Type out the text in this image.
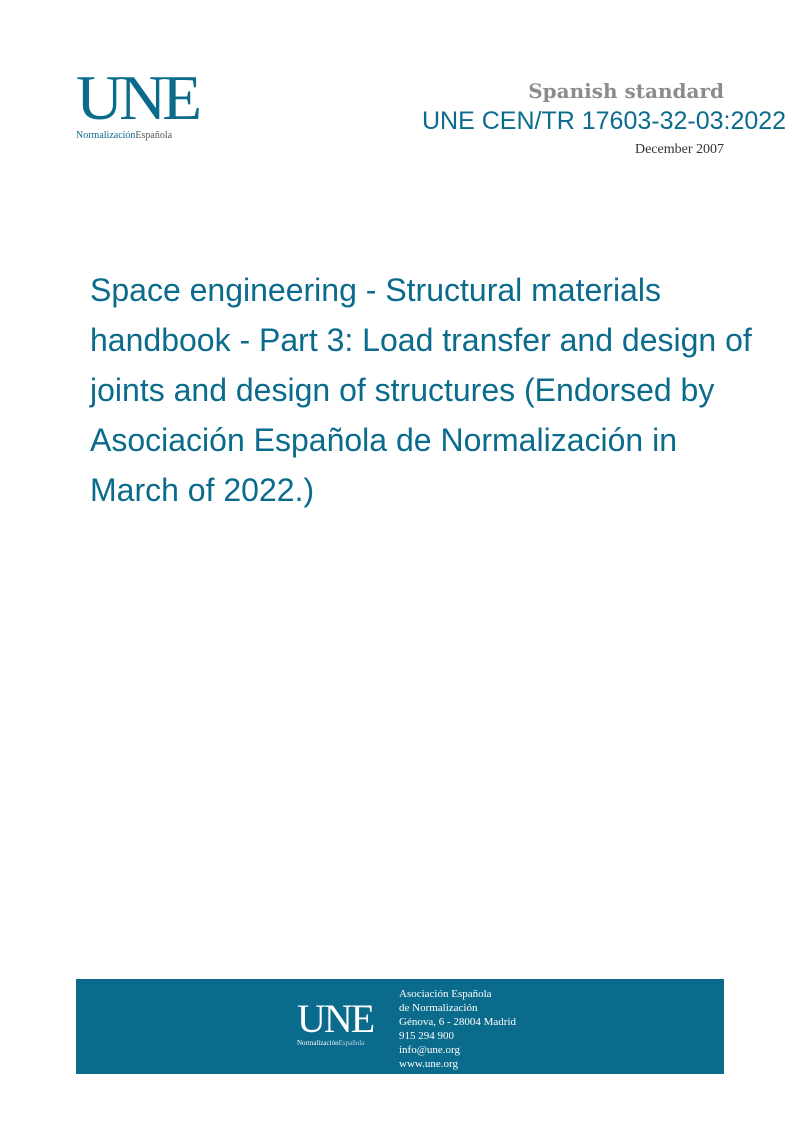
UNE
NormalizaciónEspañola
Spanish standard
UNE CEN/TR 17603-32-03:2022
December 2007
Space engineering - Structural materials handbook - Part 3: Load transfer and design of joints and design of structures (Endorsed by Asociación Española de Normalización in March of 2022.)
UNE
NormalizaciónEspañola
Asociación Española
de Normalización
Génova, 6 - 28004 Madrid
915 294 900
info@une.org
www.une.org
